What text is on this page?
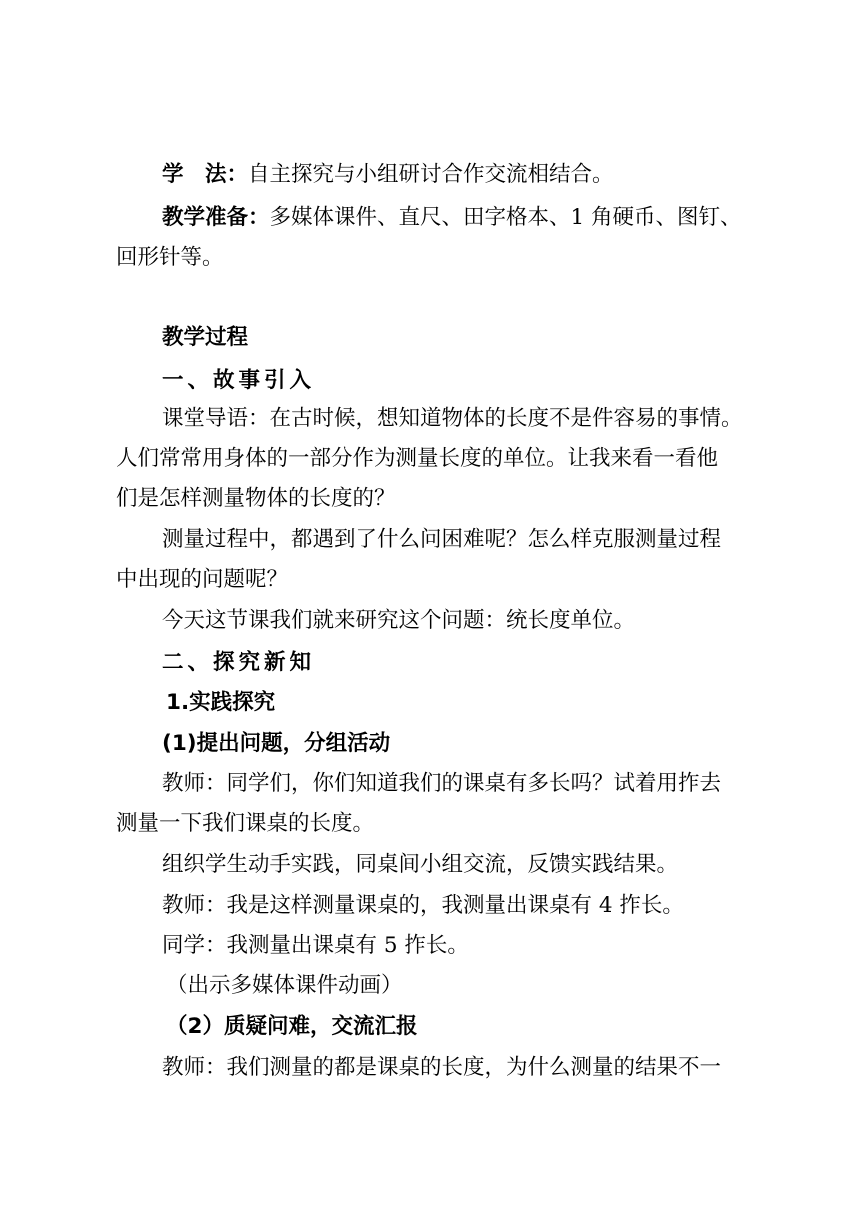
学　法：自主探究与小组研讨合作交流相结合。
教学准备：多媒体课件、直尺、田字格本、1 角硬币、图钉、
回形针等。
教学过程
一、故事引入
课堂导语：在古时候，想知道物体的长度不是件容易的事情。
人们常常用身体的一部分作为测量长度的单位。让我来看一看他
们是怎样测量物体的长度的？
测量过程中，都遇到了什么问困难呢？怎么样克服测量过程
中出现的问题呢？
今天这节课我们就来研究这个问题：统长度单位。
二、探究新知
1.实践探究
(1)提出问题，分组活动
教师：同学们，你们知道我们的课桌有多长吗？试着用拃去
测量一下我们课桌的长度。
组织学生动手实践，同桌间小组交流，反馈实践结果。
教师：我是这样测量课桌的，我测量出课桌有 4 拃长。
同学：我测量出课桌有 5 拃长。
（出示多媒体课件动画）
（2）质疑问难，交流汇报
教师：我们测量的都是课桌的长度，为什么测量的结果不一
